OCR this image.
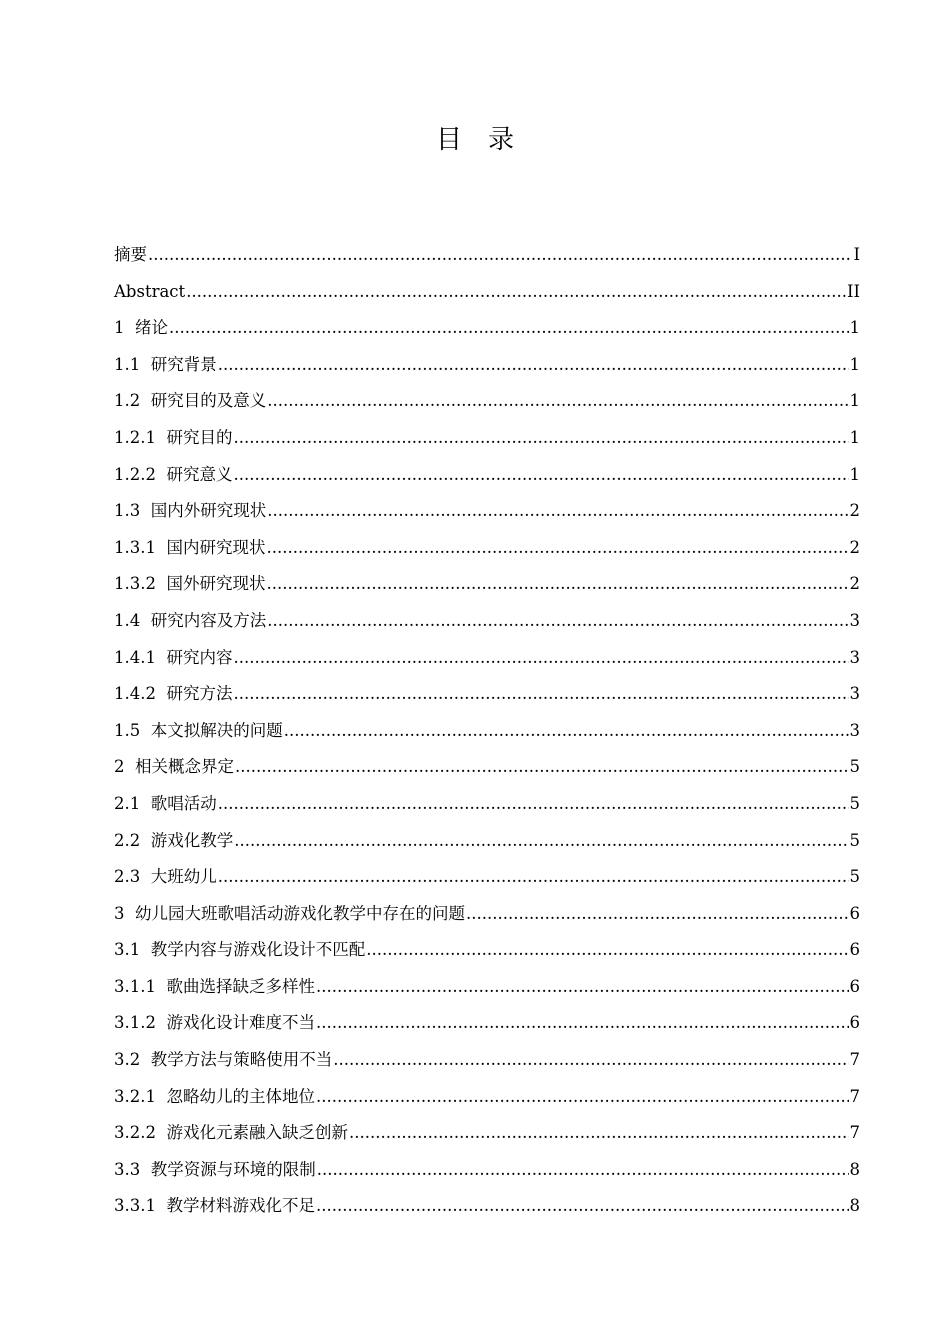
目录
摘要 .....	I
Abstract .....	II
1  绪论 .....	1
1.1  研究背景 .....	1
1.2  研究目的及意义 .....	1
1.2.1  研究目的 .....	1
1.2.2  研究意义 .....	1
1.3  国内外研究现状 .....	2
1.3.1  国内研究现状 .....	2
1.3.2  国外研究现状 .....	2
1.4  研究内容及方法 .....	3
1.4.1  研究内容 .....	3
1.4.2  研究方法 .....	3
1.5  本文拟解决的问题 .....	3
2  相关概念界定 .....	5
2.1  歌唱活动 .....	5
2.2  游戏化教学 .....	5
2.3  大班幼儿 .....	5
3  幼儿园大班歌唱活动游戏化教学中存在的问题 .....	6
3.1  教学内容与游戏化设计不匹配 .....	6
3.1.1  歌曲选择缺乏多样性 .....	6
3.1.2  游戏化设计难度不当 .....	6
3.2  教学方法与策略使用不当 .....	7
3.2.1  忽略幼儿的主体地位 .....	7
3.2.2  游戏化元素融入缺乏创新 .....	7
3.3  教学资源与环境的限制 .....	8
3.3.1  教学材料游戏化不足 .....	8
